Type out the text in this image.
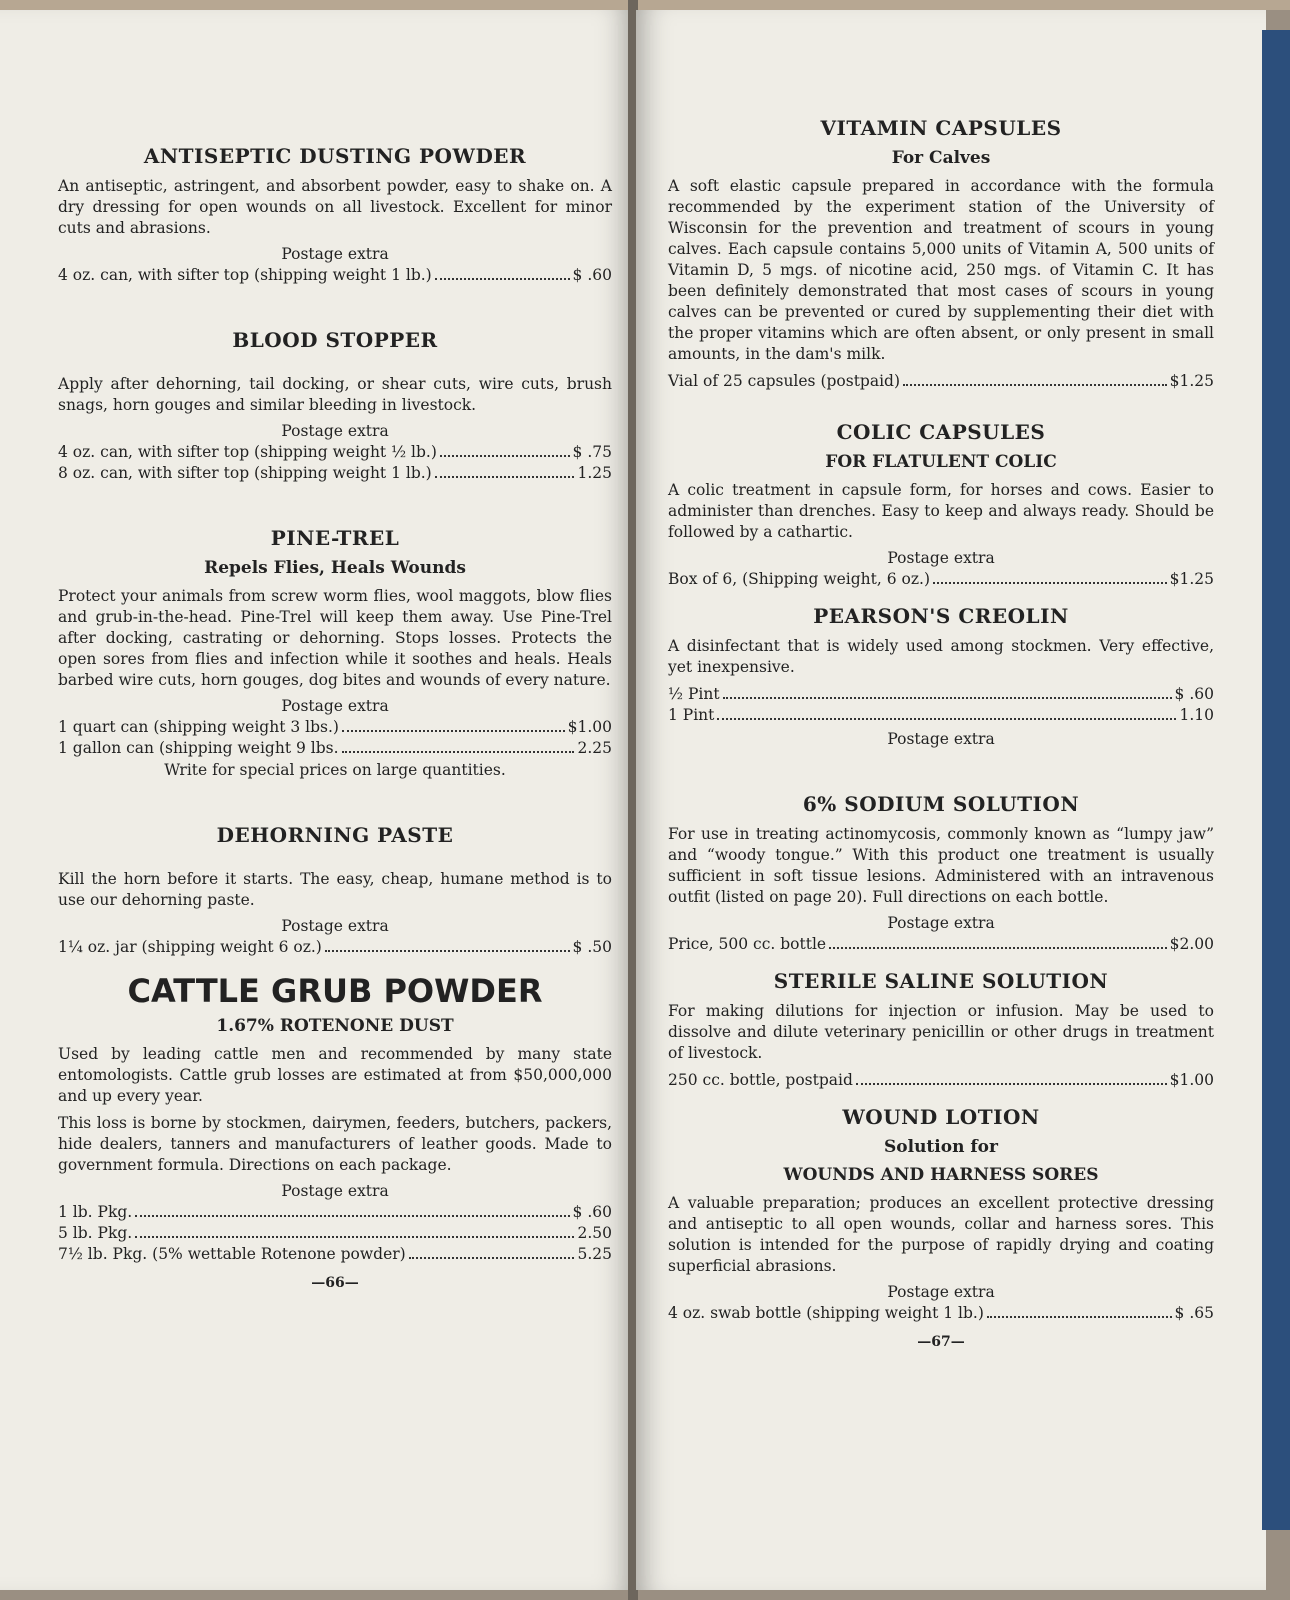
ANTISEPTIC DUSTING POWDER

An antiseptic, astringent, and absorbent powder, easy to shake on. A dry dressing for open wounds on all livestock. Excellent for minor cuts and abrasions.

Postage extra
4 oz. can, with sifter top (shipping weight 1 lb.)	$ .60
BLOOD STOPPER

Apply after dehorning, tail docking, or shear cuts, wire cuts, brush snags, horn gouges and similar bleeding in livestock.

Postage extra
4 oz. can, with sifter top (shipping weight ½ lb.)	$ .75
8 oz. can, with sifter top (shipping weight 1 lb.)	1.25
PINE-TREL
Repels Flies, Heals Wounds

Protect your animals from screw worm flies, wool maggots, blow flies and grub-in-the-head. Pine-Trel will keep them away. Use Pine-Trel after docking, castrating or dehorning. Stops losses. Protects the open sores from flies and infection while it soothes and heals. Heals barbed wire cuts, horn gouges, dog bites and wounds of every nature.

Postage extra
1 quart can (shipping weight 3 lbs.)	$1.00
1 gallon can (shipping weight 9 lbs.	2.25
Write for special prices on large quantities.
DEHORNING PASTE

Kill the horn before it starts. The easy, cheap, humane method is to use our dehorning paste.

Postage extra
1¼ oz. jar (shipping weight 6 oz.)	$ .50
CATTLE GRUB POWDER
1.67% ROTENONE DUST

Used by leading cattle men and recommended by many state entomologists. Cattle grub losses are estimated at from $50,000,000 and up every year.

This loss is borne by stockmen, dairymen, feeders, butchers, packers, hide dealers, tanners and manufacturers of leather goods. Made to government formula. Directions on each package.

Postage extra
1 lb. Pkg.	$ .60
5 lb. Pkg.	2.50
7½ lb. Pkg. (5% wettable Rotenone powder)	5.25
—66—
VITAMIN CAPSULES
For Calves

A soft elastic capsule prepared in accordance with the formula recommended by the experiment station of the University of Wisconsin for the prevention and treatment of scours in young calves. Each capsule contains 5,000 units of Vitamin A, 500 units of Vitamin D, 5 mgs. of nicotine acid, 250 mgs. of Vitamin C. It has been definitely demonstrated that most cases of scours in young calves can be prevented or cured by supplementing their diet with the proper vitamins which are often absent, or only present in small amounts, in the dam's milk.

Vial of 25 capsules (postpaid)	$1.25
COLIC CAPSULES
FOR FLATULENT COLIC

A colic treatment in capsule form, for horses and cows. Easier to administer than drenches. Easy to keep and always ready. Should be followed by a cathartic.

Postage extra
Box of 6, (Shipping weight, 6 oz.)	$1.25
PEARSON'S CREOLIN

A disinfectant that is widely used among stockmen. Very effective, yet inexpensive.

½ Pint	$ .60
1 Pint	1.10
Postage extra
6% SODIUM SOLUTION

For use in treating actinomycosis, commonly known as “lumpy jaw” and “woody tongue.” With this product one treatment is usually sufficient in soft tissue lesions. Administered with an intravenous outfit (listed on page 20). Full directions on each bottle.

Postage extra
Price, 500 cc. bottle	$2.00
STERILE SALINE SOLUTION

For making dilutions for injection or infusion. May be used to dissolve and dilute veterinary penicillin or other drugs in treatment of livestock.

250 cc. bottle, postpaid	$1.00
WOUND LOTION
Solution for
WOUNDS AND HARNESS SORES

A valuable preparation; produces an excellent protective dressing and antiseptic to all open wounds, collar and harness sores. This solution is intended for the purpose of rapidly drying and coating superficial abrasions.

Postage extra
4 oz. swab bottle (shipping weight 1 lb.)	$ .65
—67—
